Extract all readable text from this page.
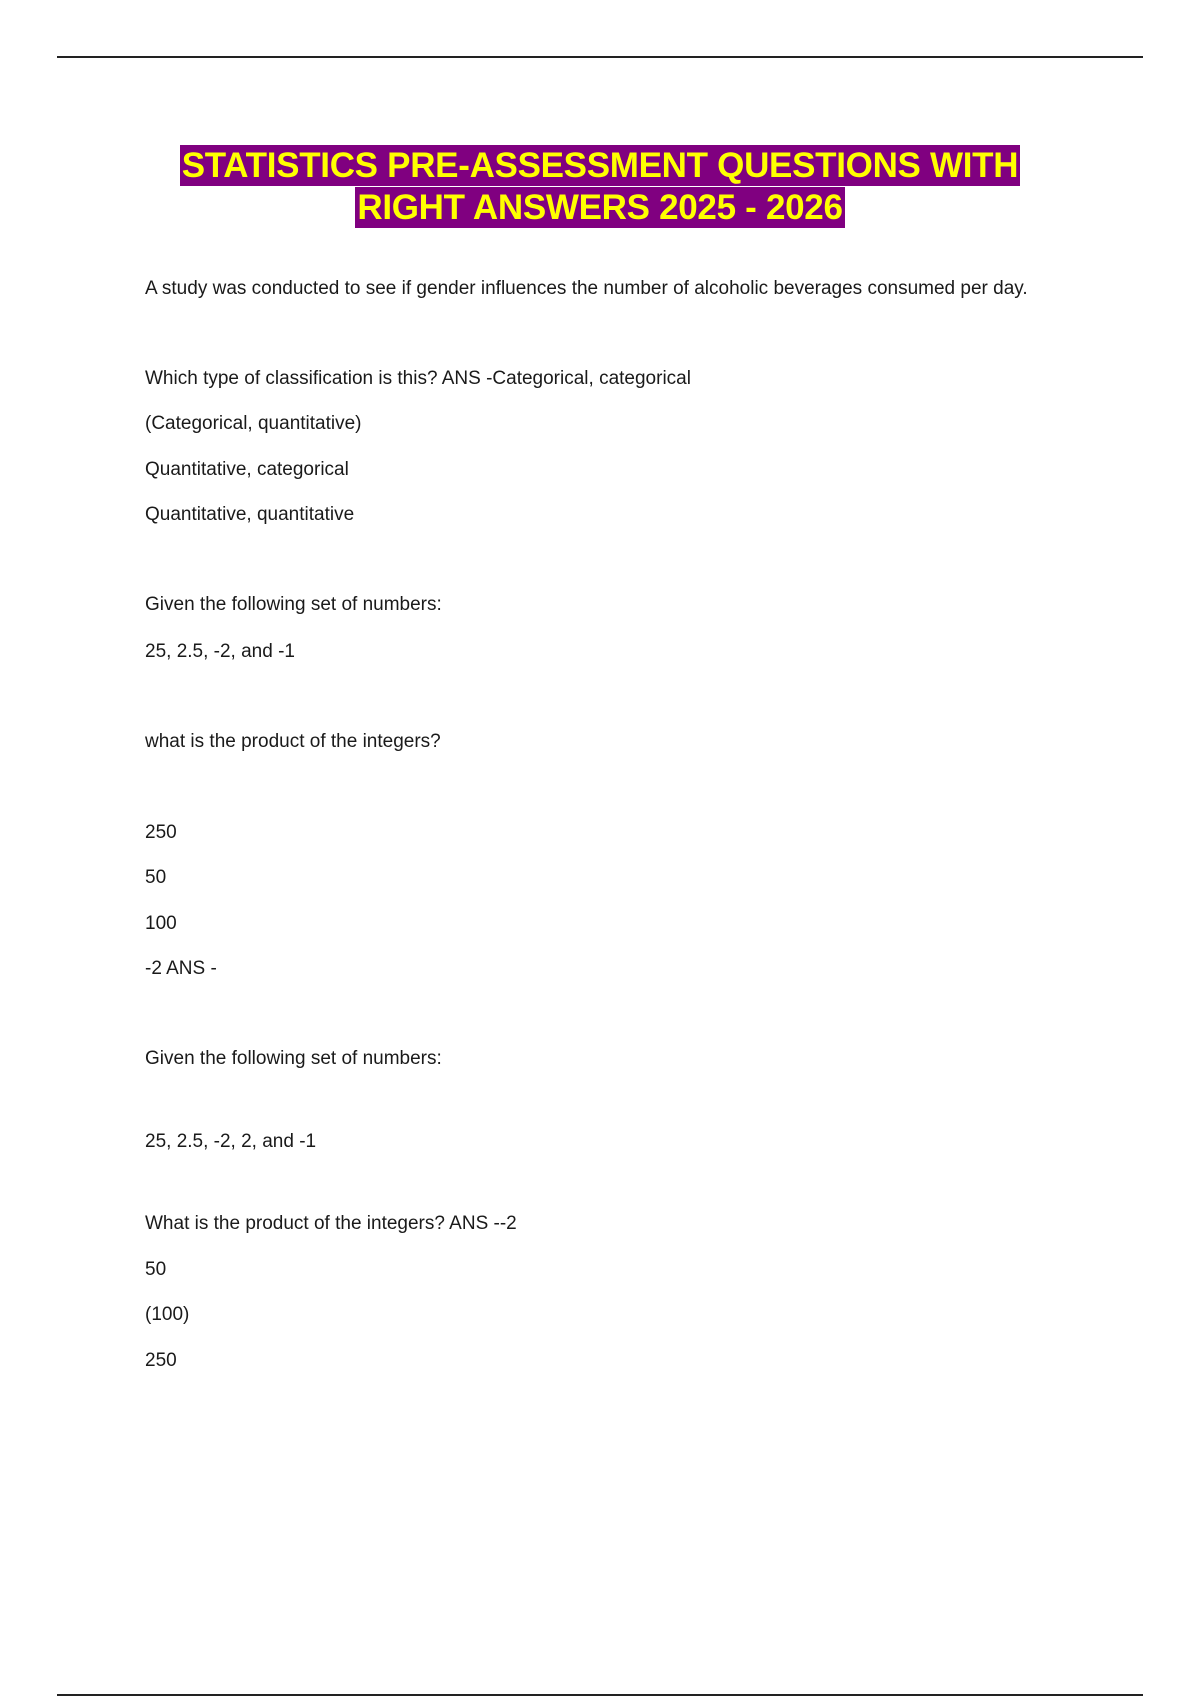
STATISTICS PRE-ASSESSMENT QUESTIONS WITH
RIGHT ANSWERS 2025 - 2026
A study was conducted to see if gender influences the number of alcoholic beverages consumed per day.
Which type of classification is this? ANS -Categorical, categorical
(Categorical, quantitative)
Quantitative, categorical
Quantitative, quantitative
Given the following set of numbers:
25, 2.5, -2, and -1
what is the product of the integers?
250
50
100
-2 ANS -
Given the following set of numbers:
25, 2.5, -2, 2, and -1
What is the product of the integers? ANS --2
50
(100)
250
